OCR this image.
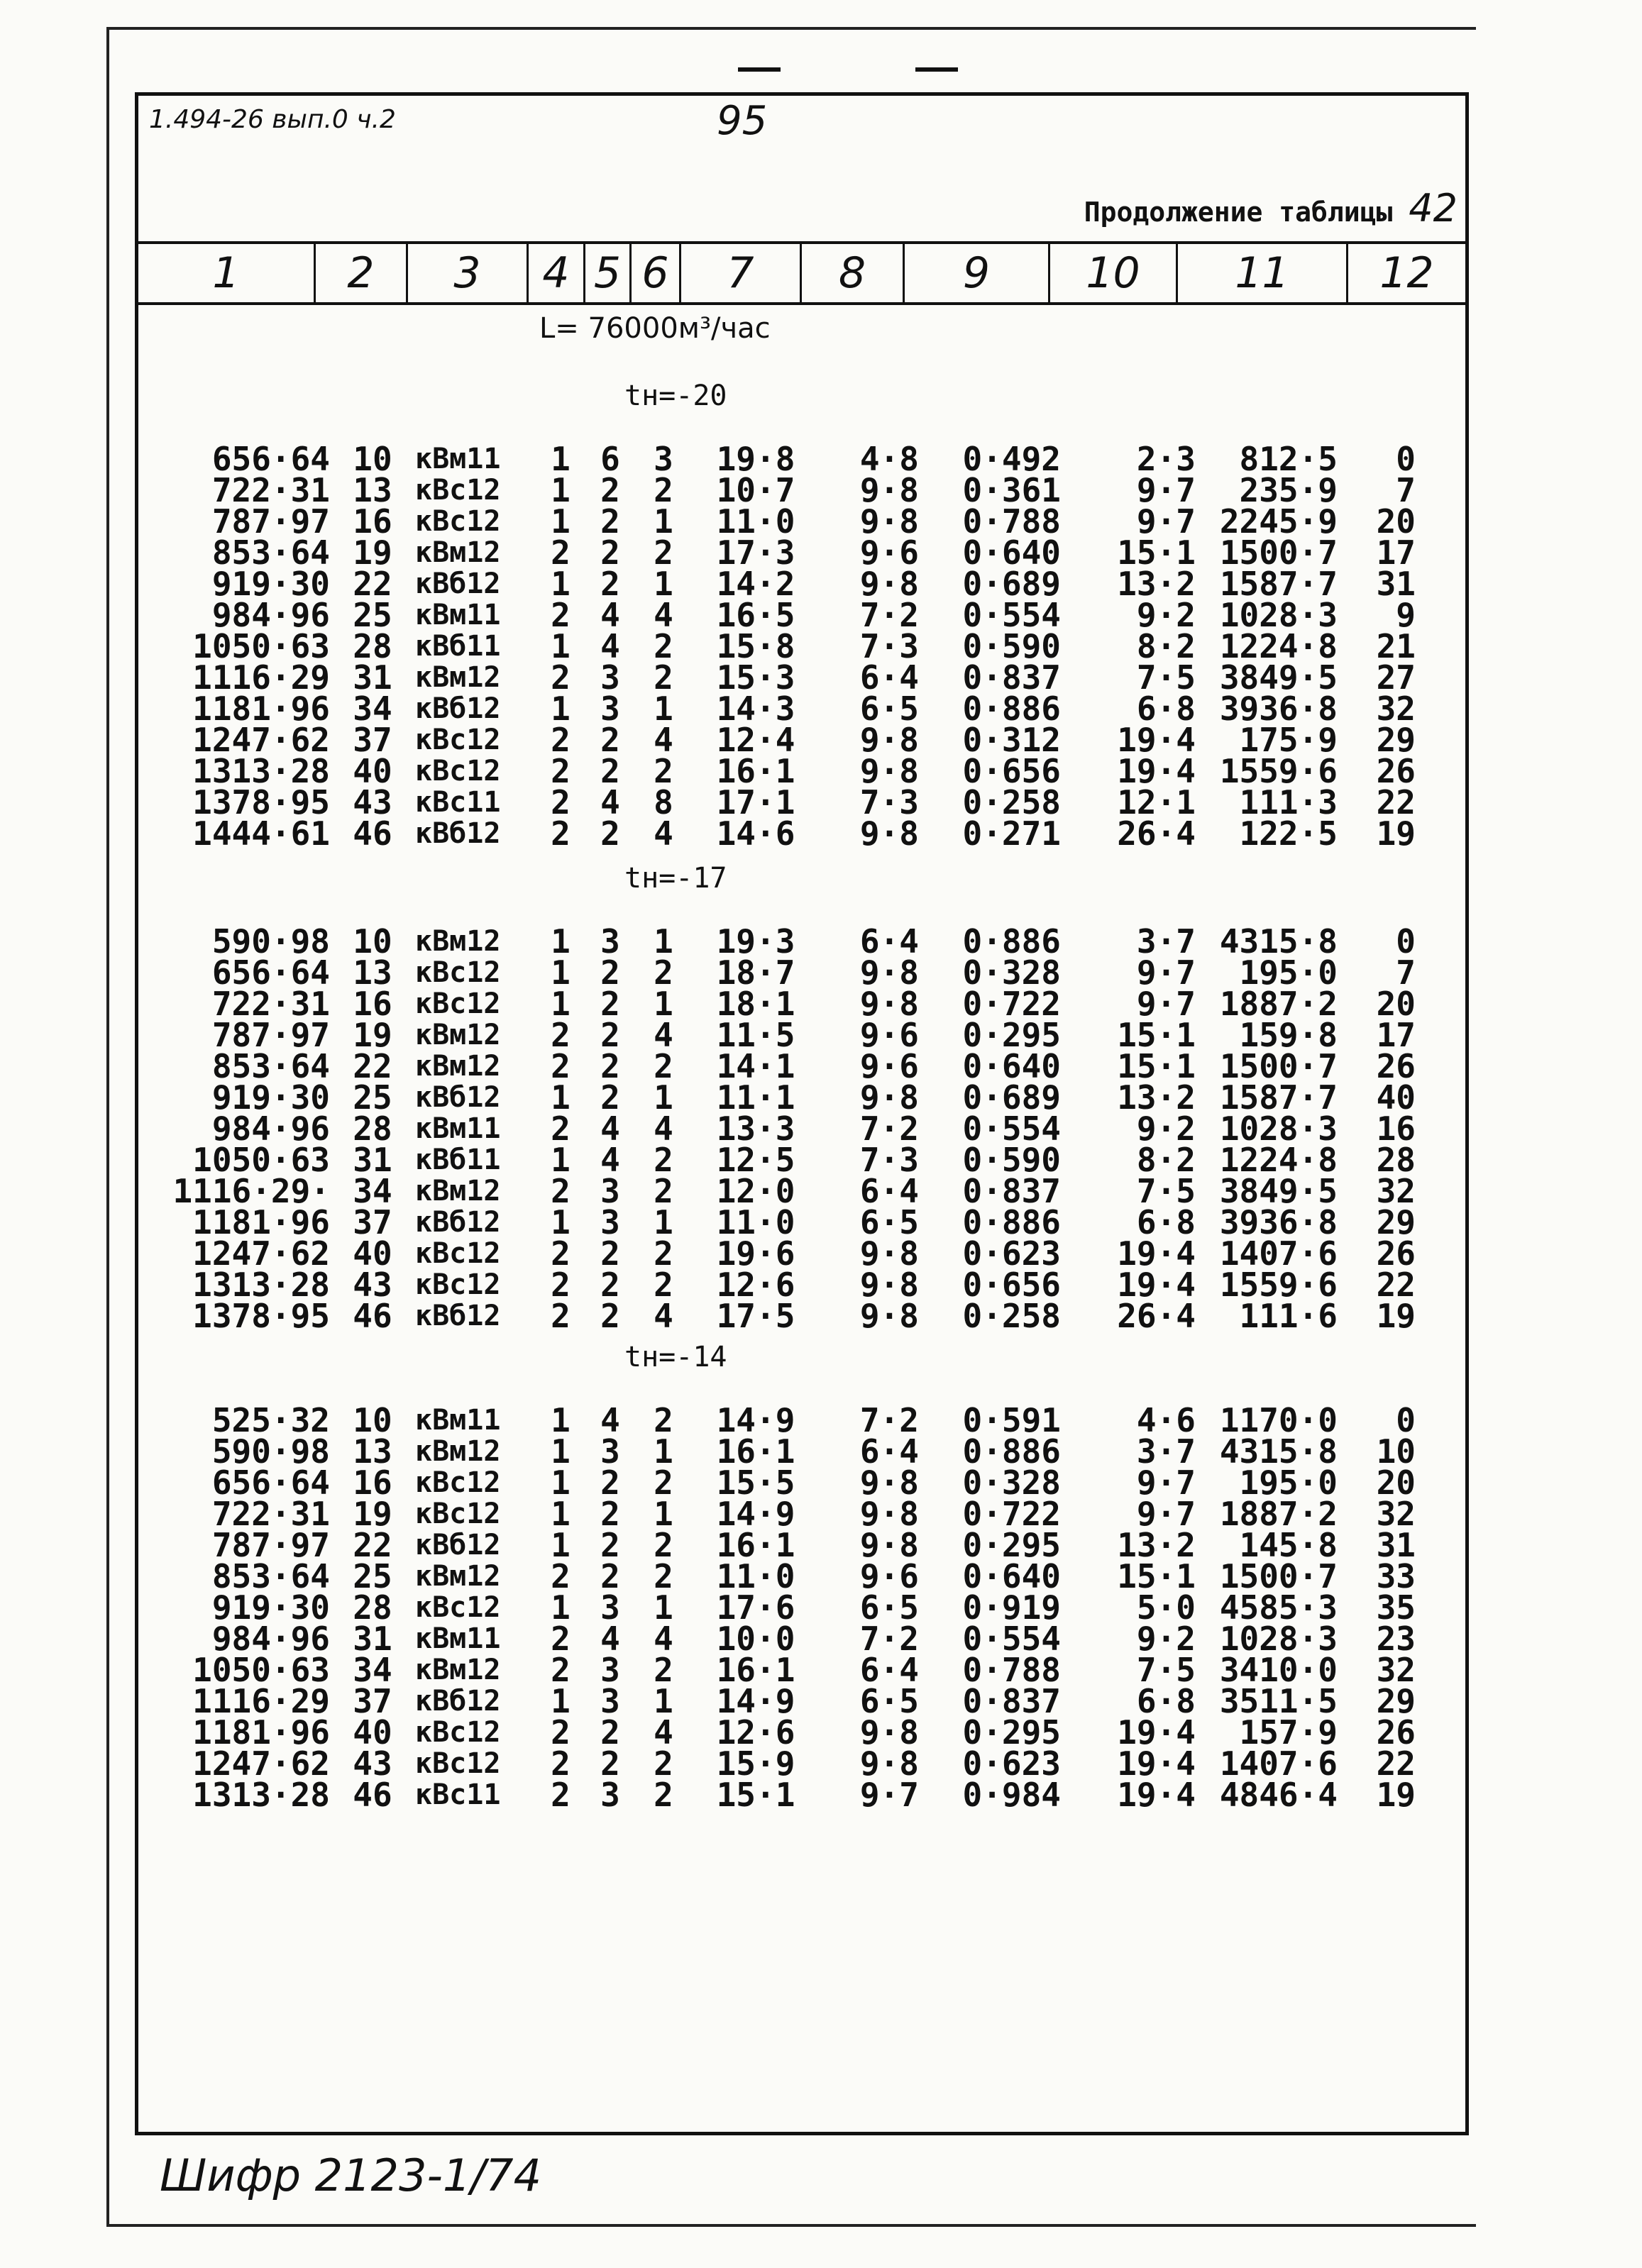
1.494-26 вып.0 ч.2	95
Продолжение таблицы 42
1	2	3	4 5 6	7	8	9	10	11	12
L= 76000м³/час
tн=-20
656·64	10	кВм11	1	6	3	19·8	4·8	0·492	2·3	812·5	0
722·31	13	кВс12	1	2	2	10·7	9·8	0·361	9·7	235·9	7
787·97	16	кВс12	1	2	1	11·0	9·8	0·788	9·7	2245·9	20
853·64	19	кВм12	2	2	2	17·3	9·6	0·640	15·1	1500·7	17
919·30	22	кВб12	1	2	1	14·2	9·8	0·689	13·2	1587·7	31
984·96	25	кВм11	2	4	4	16·5	7·2	0·554	9·2	1028·3	9
1050·63	28	кВб11	1	4	2	15·8	7·3	0·590	8·2	1224·8	21
1116·29	31	кВм12	2	3	2	15·3	6·4	0·837	7·5	3849·5	27
1181·96	34	кВб12	1	3	1	14·3	6·5	0·886	6·8	3936·8	32
1247·62	37	кВс12	2	2	4	12·4	9·8	0·312	19·4	175·9	29
1313·28	40	кВс12	2	2	2	16·1	9·8	0·656	19·4	1559·6	26
1378·95	43	кВс11	2	4	8	17·1	7·3	0·258	12·1	111·3	22
1444·61	46	кВб12	2	2	4	14·6	9·8	0·271	26·4	122·5	19
tн=-17
590·98	10	кВм12	1	3	1	19·3	6·4	0·886	3·7	4315·8	0
656·64	13	кВс12	1	2	2	18·7	9·8	0·328	9·7	195·0	7
722·31	16	кВс12	1	2	1	18·1	9·8	0·722	9·7	1887·2	20
787·97	19	кВм12	2	2	4	11·5	9·6	0·295	15·1	159·8	17
853·64	22	кВм12	2	2	2	14·1	9·6	0·640	15·1	1500·7	26
919·30	25	кВб12	1	2	1	11·1	9·8	0·689	13·2	1587·7	40
984·96	28	кВм11	2	4	4	13·3	7·2	0·554	9·2	1028·3	16
1050·63	31	кВб11	1	4	2	12·5	7·3	0·590	8·2	1224·8	28
1116·29·	34	кВм12	2	3	2	12·0	6·4	0·837	7·5	3849·5	32
1181·96	37	кВб12	1	3	1	11·0	6·5	0·886	6·8	3936·8	29
1247·62	40	кВс12	2	2	2	19·6	9·8	0·623	19·4	1407·6	26
1313·28	43	кВс12	2	2	2	12·6	9·8	0·656	19·4	1559·6	22
1378·95	46	кВб12	2	2	4	17·5	9·8	0·258	26·4	111·6	19
tн=-14
525·32	10	кВм11	1	4	2	14·9	7·2	0·591	4·6	1170·0	0
590·98	13	кВм12	1	3	1	16·1	6·4	0·886	3·7	4315·8	10
656·64	16	кВс12	1	2	2	15·5	9·8	0·328	9·7	195·0	20
722·31	19	кВс12	1	2	1	14·9	9·8	0·722	9·7	1887·2	32
787·97	22	кВб12	1	2	2	16·1	9·8	0·295	13·2	145·8	31
853·64	25	кВм12	2	2	2	11·0	9·6	0·640	15·1	1500·7	33
919·30	28	кВс12	1	3	1	17·6	6·5	0·919	5·0	4585·3	35
984·96	31	кВм11	2	4	4	10·0	7·2	0·554	9·2	1028·3	23
1050·63	34	кВм12	2	3	2	16·1	6·4	0·788	7·5	3410·0	32
1116·29	37	кВб12	1	3	1	14·9	6·5	0·837	6·8	3511·5	29
1181·96	40	кВс12	2	2	4	12·6	9·8	0·295	19·4	157·9	26
1247·62	43	кВс12	2	2	2	15·9	9·8	0·623	19·4	1407·6	22
1313·28	46	кВс11	2	3	2	15·1	9·7	0·984	19·4	4846·4	19
Шифр 2123-1/74
